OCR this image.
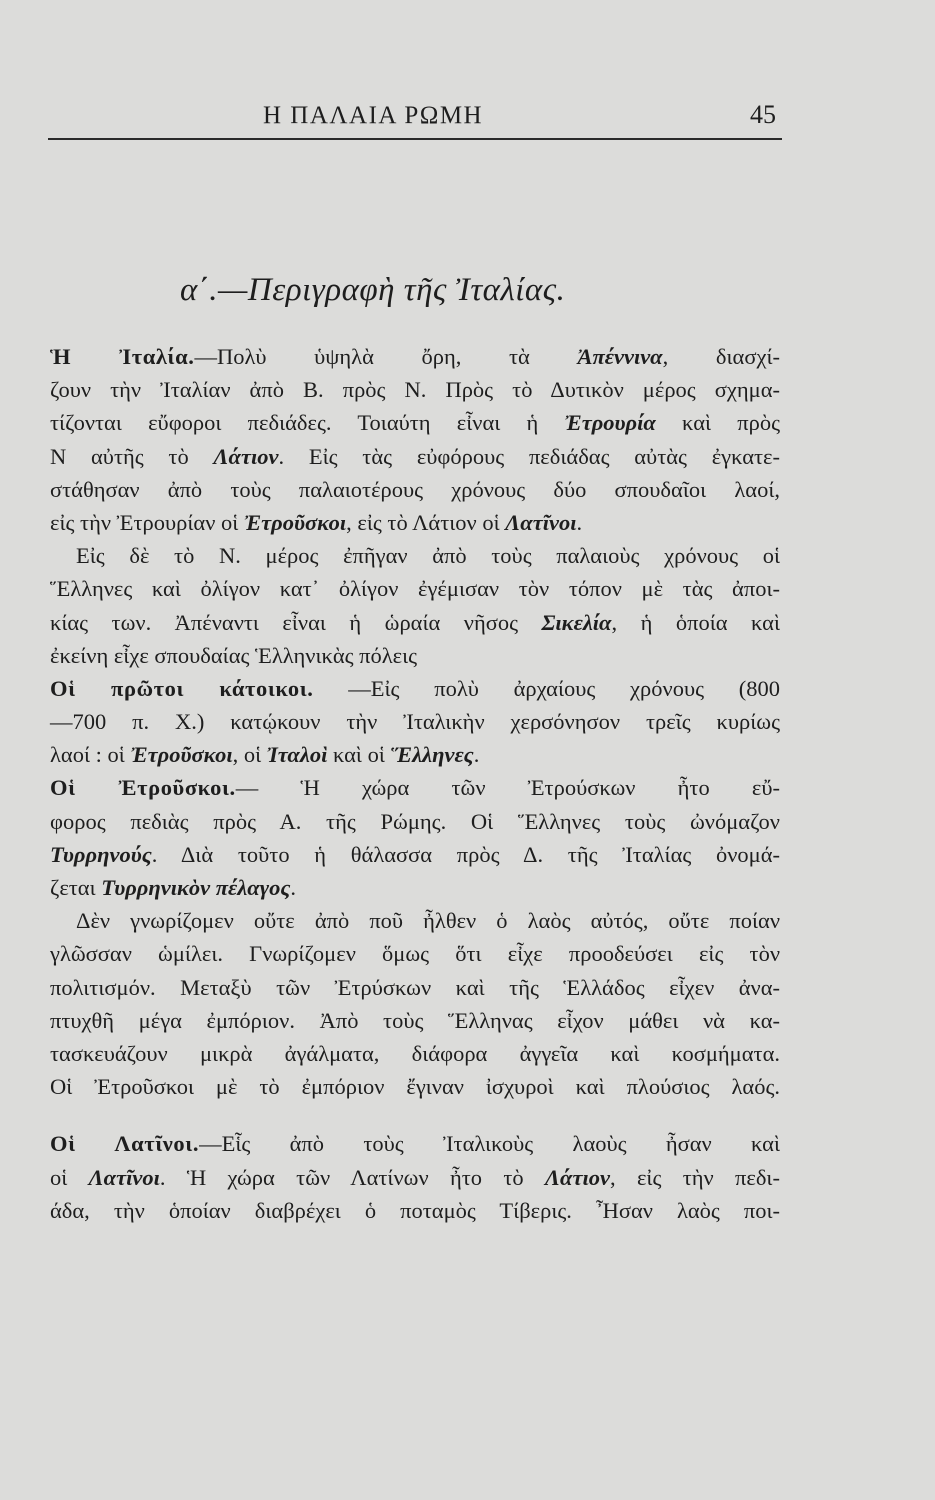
Η ΠΑΛΑΙΑ ΡΩΜΗ	45
α΄.—Περιγραφὴ τῆς Ἰταλίας.
Ἡ Ἰταλία.—Πολὺ ὑψηλὰ ὄρη, τὰ Ἀπέννινα, διασχί-
ζουν τὴν Ἰταλίαν ἀπὸ Β. πρὸς Ν. Πρὸς τὸ Δυτικὸν μέρος σχημα-
τίζονται εὔφοροι πεδιάδες. Τοιαύτη εἶναι ἡ Ἐτρουρία καὶ πρὸς
Ν αὐτῆς τὸ Λάτιον. Εἰς τὰς εὐφόρους πεδιάδας αὐτὰς ἐγκατε-
στάθησαν ἀπὸ τοὺς παλαιοτέρους χρόνους δύο σπουδαῖοι λαοί,
εἰς τὴν Ἐτρουρίαν οἱ Ἐτροῦσκοι, εἰς τὸ Λάτιον οἱ Λατῖνοι.
Εἰς δὲ τὸ Ν. μέρος ἐπῆγαν ἀπὸ τοὺς παλαιοὺς χρόνους οἱ
Ἕλληνες καὶ ὀλίγον κατ᾽ ὀλίγον ἐγέμισαν τὸν τόπον μὲ τὰς ἀποι-
κίας των. Ἀπέναντι εἶναι ἡ ὡραία νῆσος Σικελία, ἡ ὁποία καὶ
ἐκείνη εἶχε σπουδαίας Ἑλληνικὰς πόλεις
Οἱ πρῶτοι κάτοικοι. —Εἰς πολὺ ἀρχαίους χρόνους (800
—700 π. Χ.) κατῴκουν τὴν Ἰταλικὴν χερσόνησον τρεῖς κυρίως
λαοί : οἱ Ἐτροῦσκοι, οἱ Ἰταλοὶ καὶ οἱ Ἕλληνες.
Οἱ Ἐτροῦσκοι.— Ἡ χώρα τῶν Ἐτρούσκων ἦτο εὔ-
φορος πεδιὰς πρὸς Α. τῆς Ρώμης. Οἱ Ἕλληνες τοὺς ὠνόμαζον
Τυρρηνούς. Διὰ τοῦτο ἡ θάλασσα πρὸς Δ. τῆς Ἰταλίας ὀνομά-
ζεται Τυρρηνικὸν πέλαγος.
Δὲν γνωρίζομεν οὔτε ἀπὸ ποῦ ἦλθεν ὁ λαὸς αὐτός, οὔτε ποίαν
γλῶσσαν ὡμίλει. Γνωρίζομεν ὅμως ὅτι εἶχε προοδεύσει εἰς τὸν
πολιτισμόν. Μεταξὺ τῶν Ἐτρύσκων καὶ τῆς Ἑλλάδος εἶχεν ἀνα-
πτυχθῆ μέγα ἐμπόριον. Ἀπὸ τοὺς Ἕλληνας εἶχον μάθει νὰ κα-
τασκευάζουν μικρὰ ἀγάλματα, διάφορα ἀγγεῖα καὶ κοσμήματα.
Οἱ Ἐτροῦσκοι μὲ τὸ ἐμπόριον ἔγιναν ἰσχυροὶ καὶ πλούσιος λαός.
Οἱ Λατῖνοι.—Εἷς ἀπὸ τοὺς Ἰταλικοὺς λαοὺς ἦσαν καὶ
οἱ Λατῖνοι. Ἡ χώρα τῶν Λατίνων ἦτο τὸ Λάτιον, εἰς τὴν πεδι-
άδα, τὴν ὁποίαν διαβρέχει ὁ ποταμὸς Τίβερις. Ἦσαν λαὸς ποι-
